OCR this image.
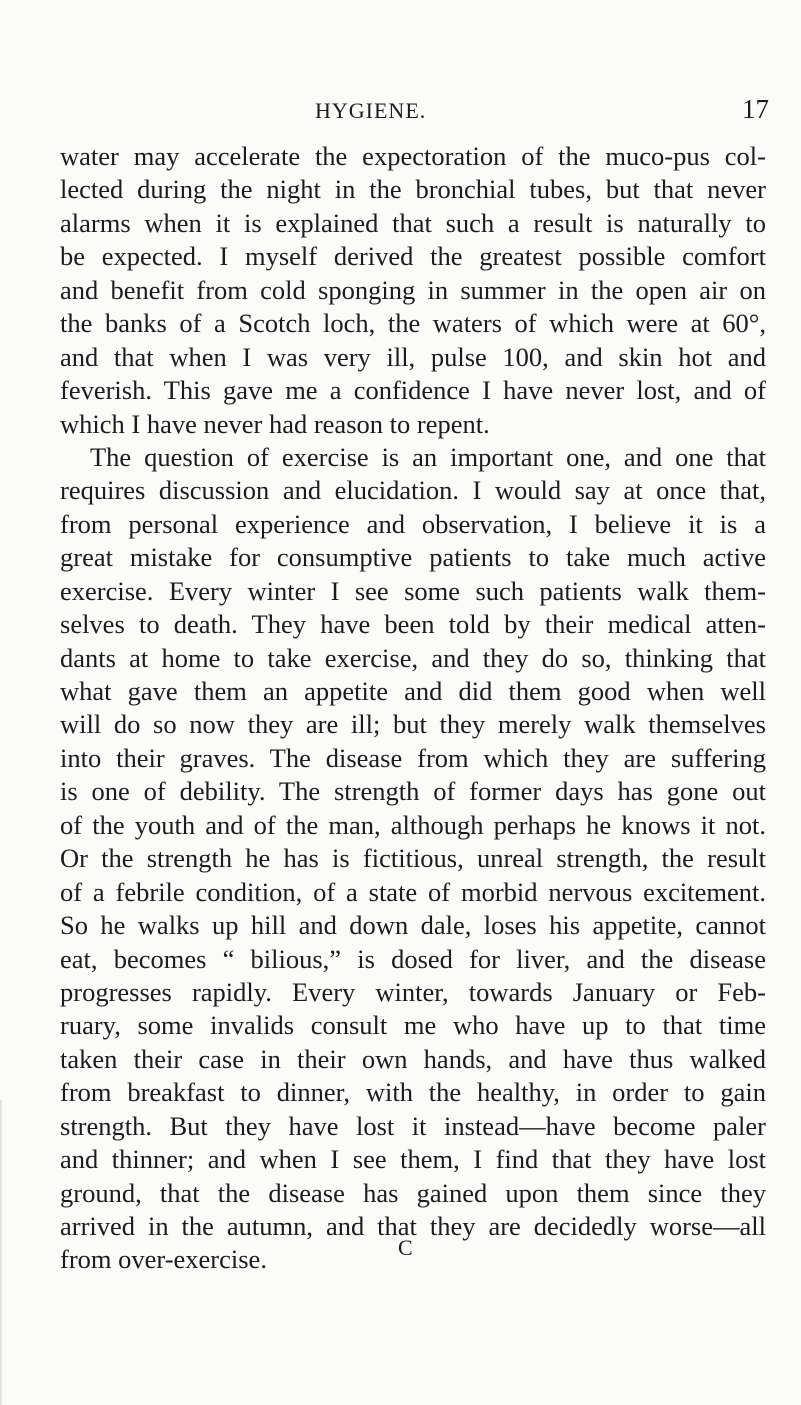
HYGIENE.	17
water may accelerate the expectoration of the muco-pus col-
lected during the night in the bronchial tubes, but that never
alarms when it is explained that such a result is naturally to
be expected. I myself derived the greatest possible comfort
and benefit from cold sponging in summer in the open air on
the banks of a Scotch loch, the waters of which were at 60°,
and that when I was very ill, pulse 100, and skin hot and
feverish. This gave me a confidence I have never lost, and of
which I have never had reason to repent.
The question of exercise is an important one, and one that
requires discussion and elucidation. I would say at once that,
from personal experience and observation, I believe it is a
great mistake for consumptive patients to take much active
exercise. Every winter I see some such patients walk them-
selves to death. They have been told by their medical atten-
dants at home to take exercise, and they do so, thinking that
what gave them an appetite and did them good when well
will do so now they are ill; but they merely walk themselves
into their graves. The disease from which they are suffering
is one of debility. The strength of former days has gone out
of the youth and of the man, although perhaps he knows it not.
Or the strength he has is fictitious, unreal strength, the result
of a febrile condition, of a state of morbid nervous excitement.
So he walks up hill and down dale, loses his appetite, cannot
eat, becomes “ bilious,” is dosed for liver, and the disease
progresses rapidly. Every winter, towards January or Feb-
ruary, some invalids consult me who have up to that time
taken their case in their own hands, and have thus walked
from breakfast to dinner, with the healthy, in order to gain
strength. But they have lost it instead—have become paler
and thinner; and when I see them, I find that they have lost
ground, that the disease has gained upon them since they
arrived in the autumn, and that they are decidedly worse—all
from over-exercise.	C
